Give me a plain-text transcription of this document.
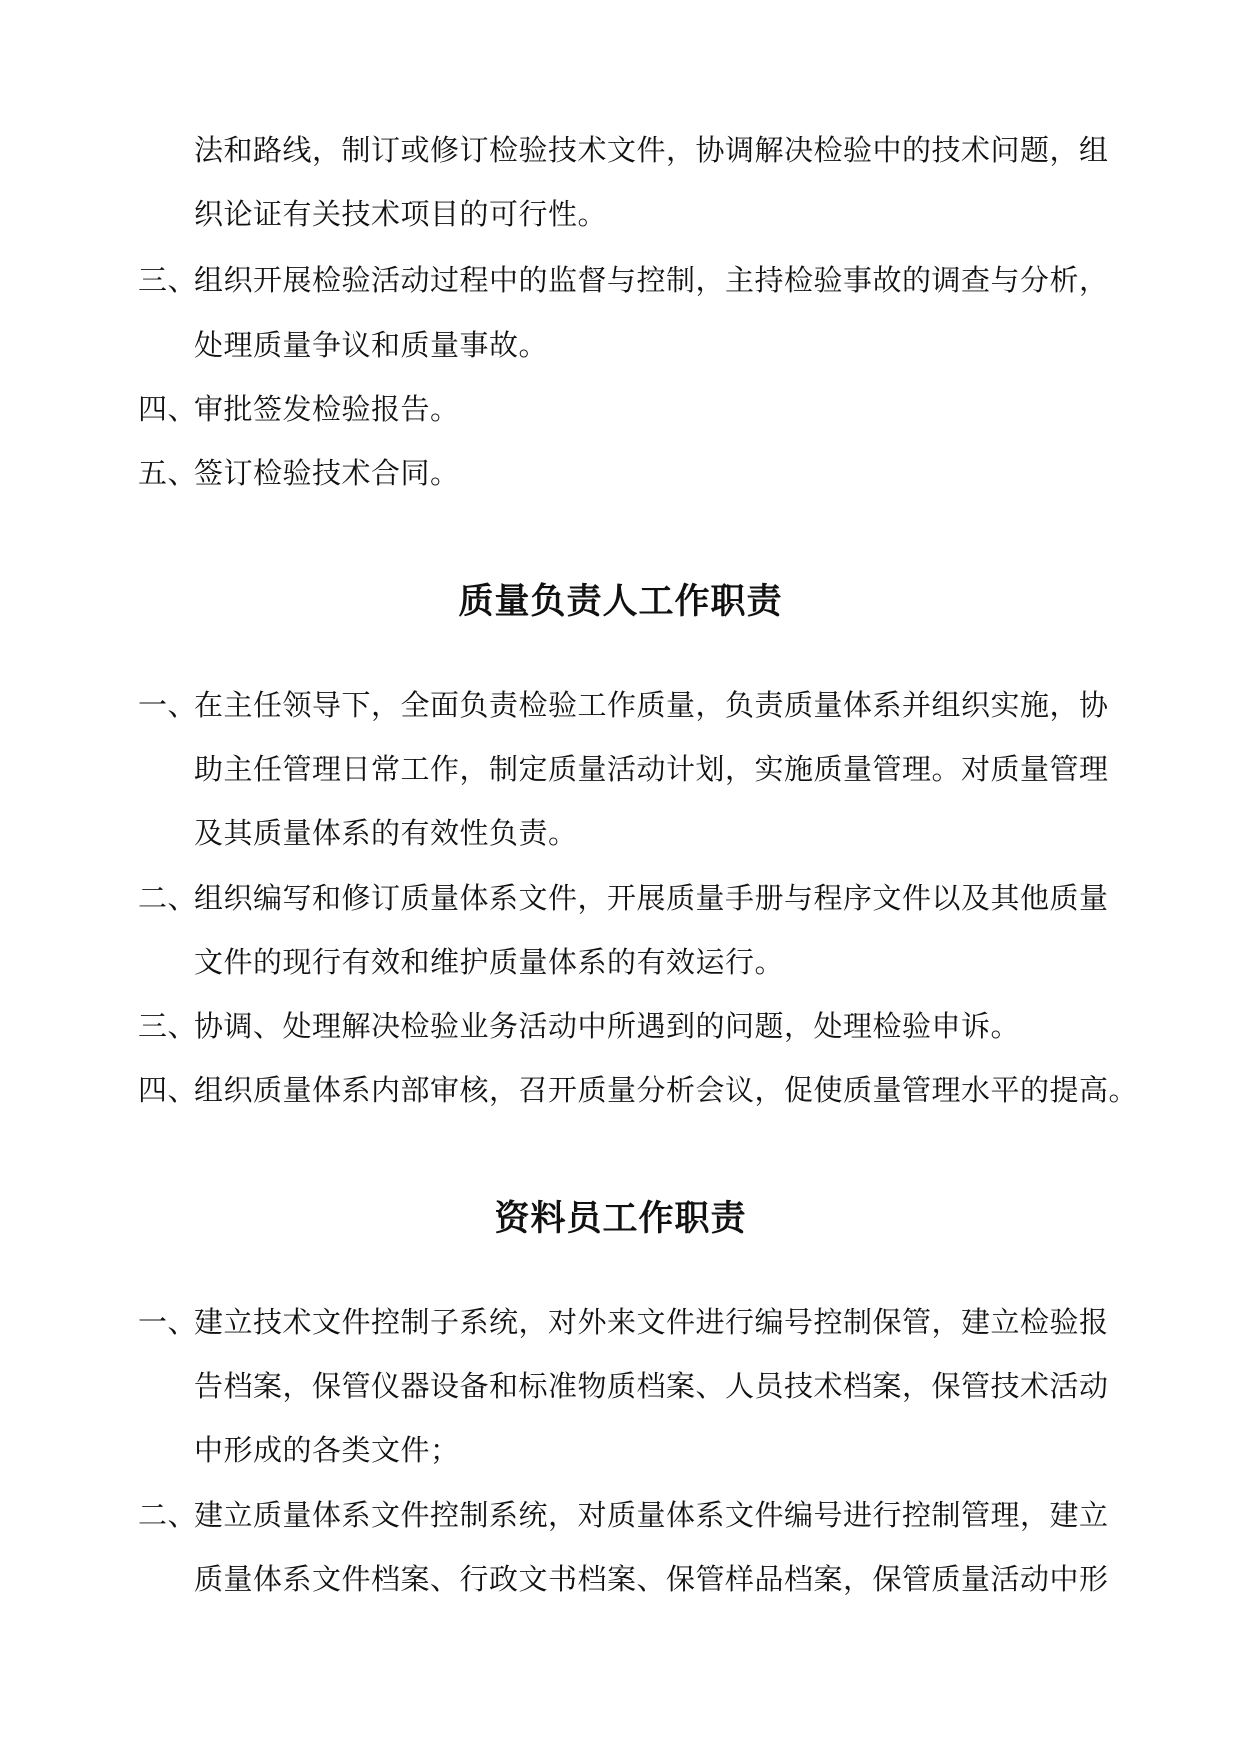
法和路线，制订或修订检验技术文件，协调解决检验中的技术问题，组
织论证有关技术项目的可行性。
三、
组织开展检验活动过程中的监督与控制，主持检验事故的调查与分析，
处理质量争议和质量事故。
四、
审批签发检验报告。
五、
签订检验技术合同。
质量负责人工作职责
一、
在主任领导下，全面负责检验工作质量，负责质量体系并组织实施，协
助主任管理日常工作，制定质量活动计划，实施质量管理。对质量管理
及其质量体系的有效性负责。
二、
组织编写和修订质量体系文件，开展质量手册与程序文件以及其他质量
文件的现行有效和维护质量体系的有效运行。
三、
协调、处理解决检验业务活动中所遇到的问题，处理检验申诉。
四、
组织质量体系内部审核，召开质量分析会议，促使质量管理水平的提高。
资料员工作职责
一、
建立技术文件控制子系统，对外来文件进行编号控制保管，建立检验报
告档案，保管仪器设备和标准物质档案、人员技术档案，保管技术活动
中形成的各类文件；
二、
建立质量体系文件控制系统，对质量体系文件编号进行控制管理，建立
质量体系文件档案、行政文书档案、保管样品档案，保管质量活动中形
